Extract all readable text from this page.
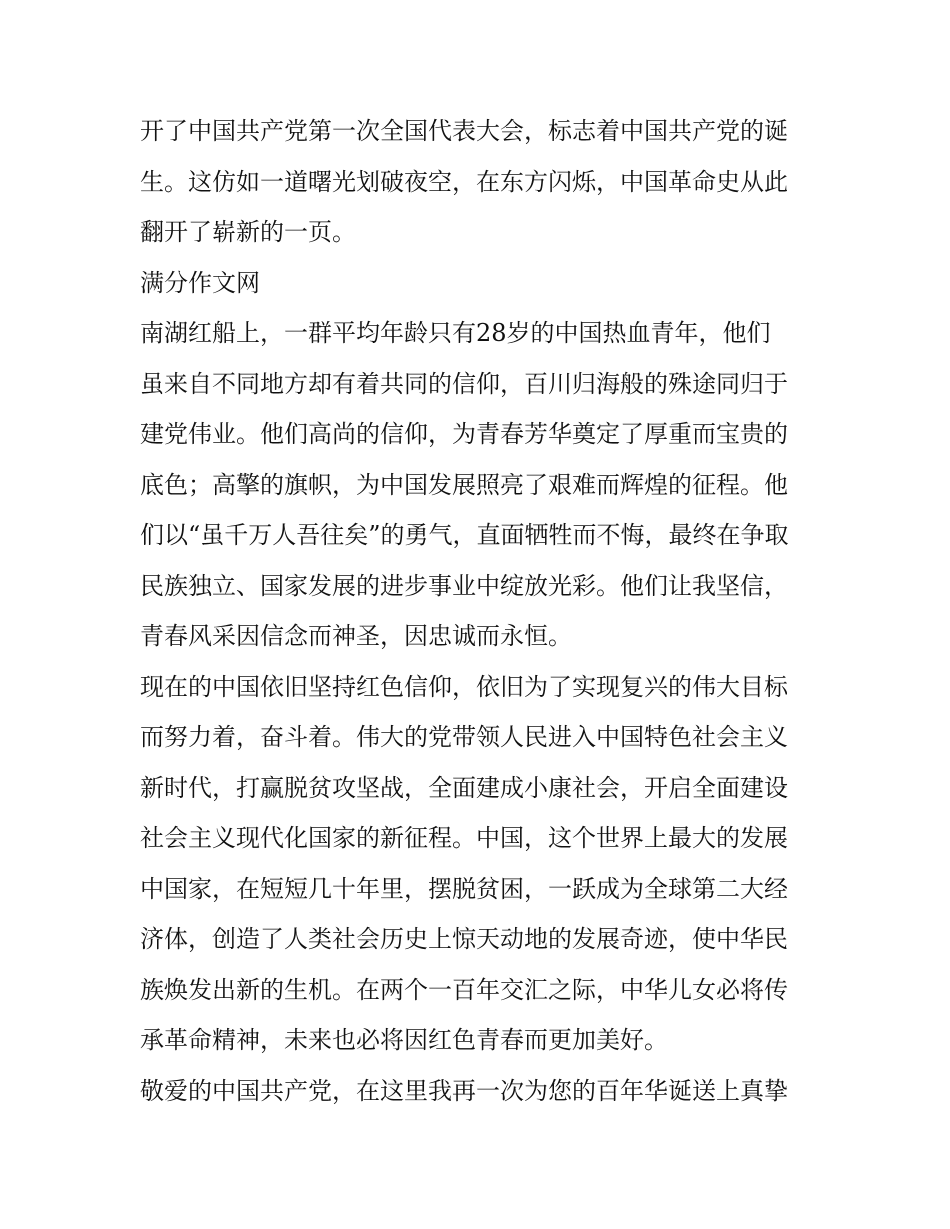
开了中国共产党第一次全国代表大会，标志着中国共产党的诞
生。这仿如一道曙光划破夜空，在东方闪烁，中国革命史从此
翻开了崭新的一页。
满分作文网
南湖红船上，一群平均年龄只有28岁的中国热血青年，他们
虽来自不同地方却有着共同的信仰，百川归海般的殊途同归于
建党伟业。他们高尚的信仰，为青春芳华奠定了厚重而宝贵的
底色；高擎的旗帜，为中国发展照亮了艰难而辉煌的征程。他
们以“虽千万人吾往矣”的勇气，直面牺牲而不悔，最终在争取
民族独立、国家发展的进步事业中绽放光彩。他们让我坚信，
青春风采因信念而神圣，因忠诚而永恒。
现在的中国依旧坚持红色信仰，依旧为了实现复兴的伟大目标
而努力着，奋斗着。伟大的党带领人民进入中国特色社会主义
新时代，打赢脱贫攻坚战，全面建成小康社会，开启全面建设
社会主义现代化国家的新征程。中国，这个世界上最大的发展
中国家，在短短几十年里，摆脱贫困，一跃成为全球第二大经
济体，创造了人类社会历史上惊天动地的发展奇迹，使中华民
族焕发出新的生机。在两个一百年交汇之际，中华儿女必将传
承革命精神，未来也必将因红色青春而更加美好。
敬爱的中国共产党，在这里我再一次为您的百年华诞送上真挚
